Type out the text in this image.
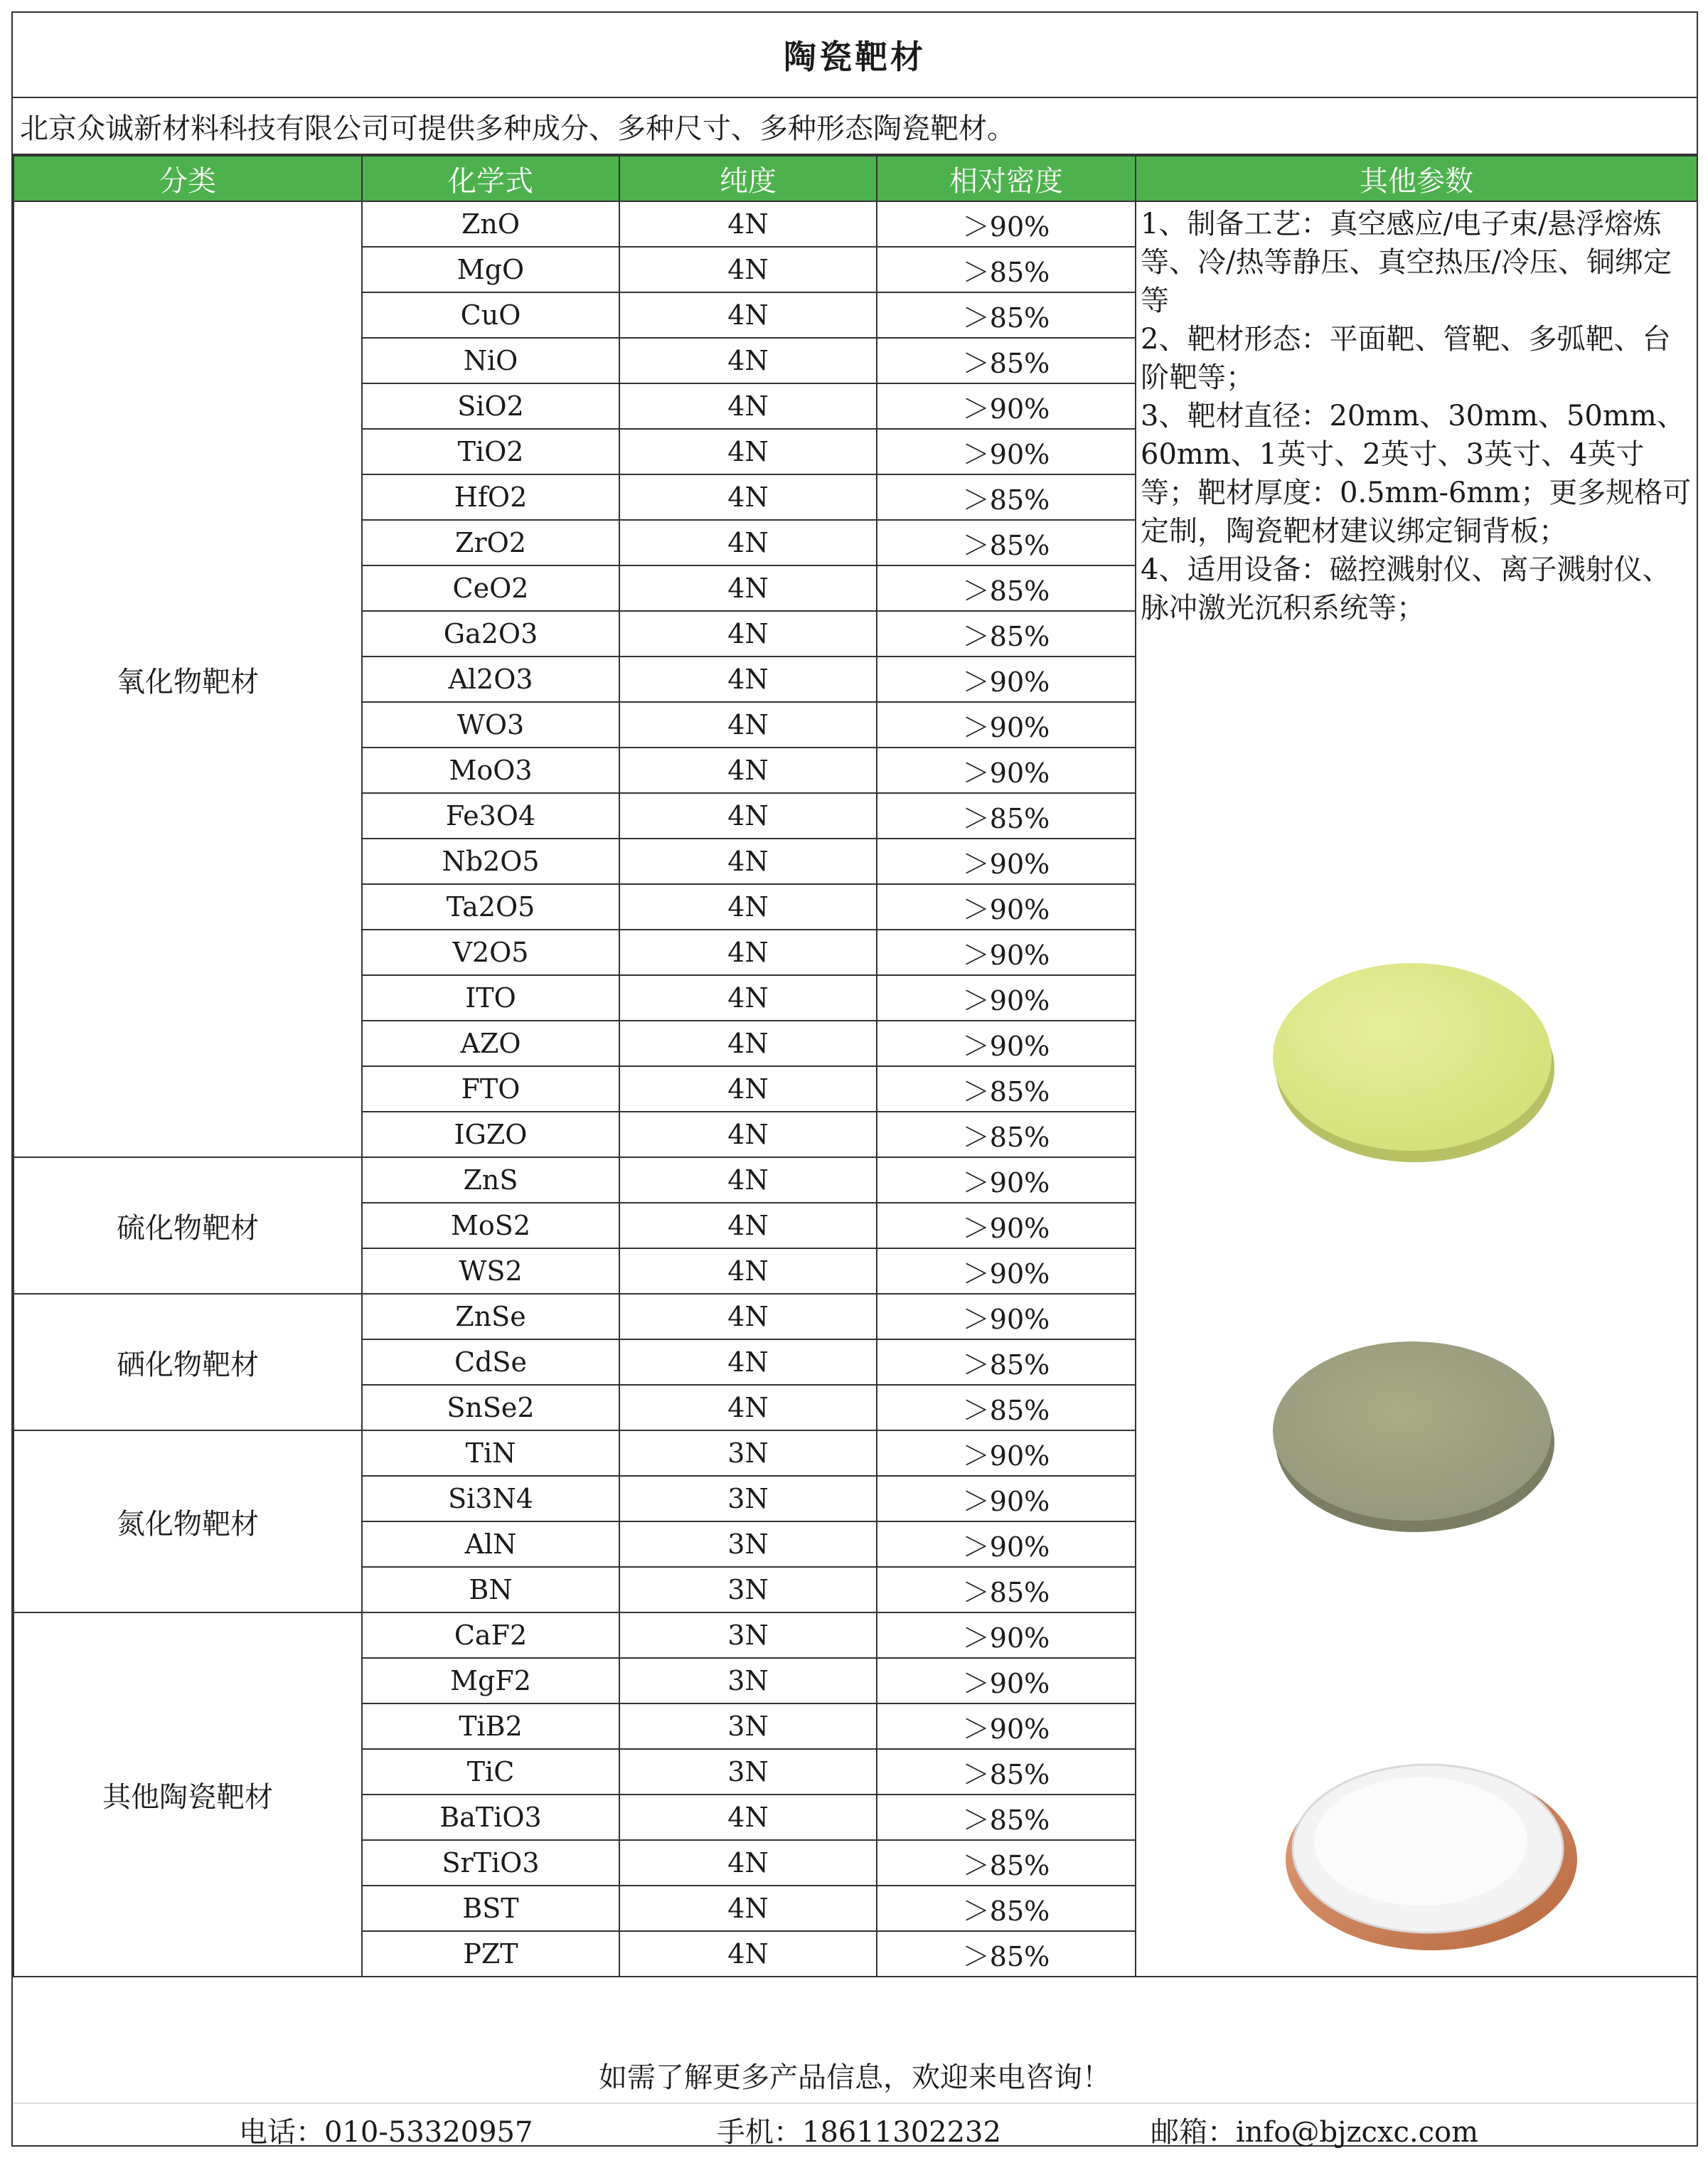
陶瓷靶材
北京众诚新材料科技有限公司可提供多种成分、多种尺寸、多种形态陶瓷靶材。
分类	化学式	纯度	相对密度	其他参数
氧化物靶材	ZnO	4N	＞90%	1、制备工艺：真空感应/电子束/悬浮熔炼等、冷/热等静压、真空热压/冷压、铜绑定等

2、靶材形态：平面靶、管靶、多弧靶、台阶靶等；

3、靶材直径：20mm、30mm、50mm、60mm、1英寸、2英寸、3英寸、4英寸等；靶材厚度：0.5mm-6mm；更多规格可定制，陶瓷靶材建议绑定铜背板；

4、适用设备：磁控溅射仪、离子溅射仪、脉冲激光沉积系统等；

	MgO	4N	＞85%	
	CuO	4N	＞85%	
	NiO	4N	＞85%	
	SiO2	4N	＞90%	
	TiO2	4N	＞90%	
	HfO2	4N	＞85%	
	ZrO2	4N	＞85%	
	CeO2	4N	＞85%	
	Ga2O3	4N	＞85%	
	Al2O3	4N	＞90%	
	WO3	4N	＞90%	
	MoO3	4N	＞90%	
	Fe3O4	4N	＞85%	
	Nb2O5	4N	＞90%	
	Ta2O5	4N	＞90%	
	V2O5	4N	＞90%	
	ITO	4N	＞90%	
	AZO	4N	＞90%	
	FTO	4N	＞85%	
	IGZO	4N	＞85%	
硫化物靶材	ZnS	4N	＞90%	
	MoS2	4N	＞90%	
	WS2	4N	＞90%	
硒化物靶材	ZnSe	4N	＞90%	
	CdSe	4N	＞85%	
	SnSe2	4N	＞85%	
氮化物靶材	TiN	3N	＞90%	
	Si3N4	3N	＞90%	
	AlN	3N	＞90%	
	BN	3N	＞85%	
其他陶瓷靶材	CaF2	3N	＞90%	
	MgF2	3N	＞90%	
	TiB2	3N	＞90%	
	TiC	3N	＞85%	
	BaTiO3	4N	＞85%	
	SrTiO3	4N	＞85%	
	BST	4N	＞85%	
	PZT	4N	＞85%	
如需了解更多产品信息，欢迎来电咨询！
电话：010-53320957	手机：18611302232	邮箱：info@bjzcxc.com
